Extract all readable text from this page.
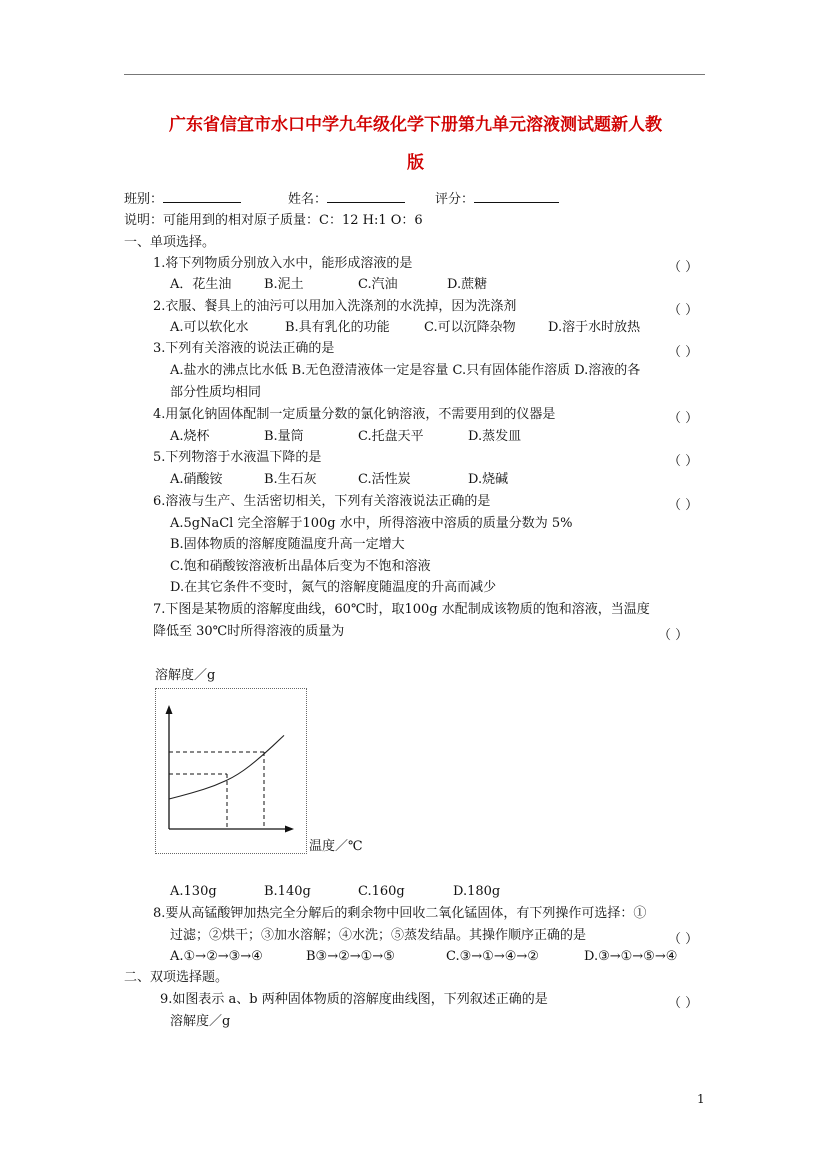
广东省信宜市水口中学九年级化学下册第九单元溶液测试题新人教
版
班别：	姓名：	评分：
说明：可能用到的相对原子质量：C：12 H:1 O：6
一、单项选择。
1.将下列物质分别放入水中，能形成溶液的是	（ ）
A．花生油	B.泥土	C.汽油	D.蔗糖
2.衣服、餐具上的油污可以用加入洗涤剂的水洗掉，因为洗涤剂	（ ）
A.可以软化水	B.具有乳化的功能	C.可以沉降杂物 D.溶于水时放热
3.下列有关溶液的说法正确的是	（ ）
A.盐水的沸点比水低 B.无色澄清液体一定是容量 C.只有固体能作溶质 D.溶液的各
部分性质均相同
4.用氯化钠固体配制一定质量分数的氯化钠溶液，不需要用到的仪器是	（ ）
A.烧杯	B.量筒	C.托盘天平	D.蒸发皿
5.下列物溶于水液温下降的是	（ ）
A.硝酸铵	B.生石灰	C.活性炭	D.烧碱
6.溶液与生产、生活密切相关，下列有关溶液说法正确的是	（ ）
A.5gNaCl 完全溶解于100g 水中，所得溶液中溶质的质量分数为 5%
B.固体物质的溶解度随温度升高一定增大
C.饱和硝酸铵溶液析出晶体后变为不饱和溶液
D.在其它条件不变时，氮气的溶解度随温度的升高而减少
7.下图是某物质的溶解度曲线，60℃时，取100g 水配制成该物质的饱和溶液，当温度
降低至 30℃时所得溶液的质量为	（ ）
溶解度／g
温度／℃
A.130g	B.140g	C.160g	D.180g
8.要从高锰酸钾加热完全分解后的剩余物中回收二氧化锰固体，有下列操作可选择：①
过滤；②烘干；③加水溶解；④水洗；⑤蒸发结晶。其操作顺序正确的是	（ ）
A.①→②→③→④	B③→②→①→⑤	C.③→①→④→②	D.③→①→⑤→④
二、双项选择题。
9.如图表示 a、b 两种固体物质的溶解度曲线图，下列叙述正确的是	（ ）
溶解度／g
1
